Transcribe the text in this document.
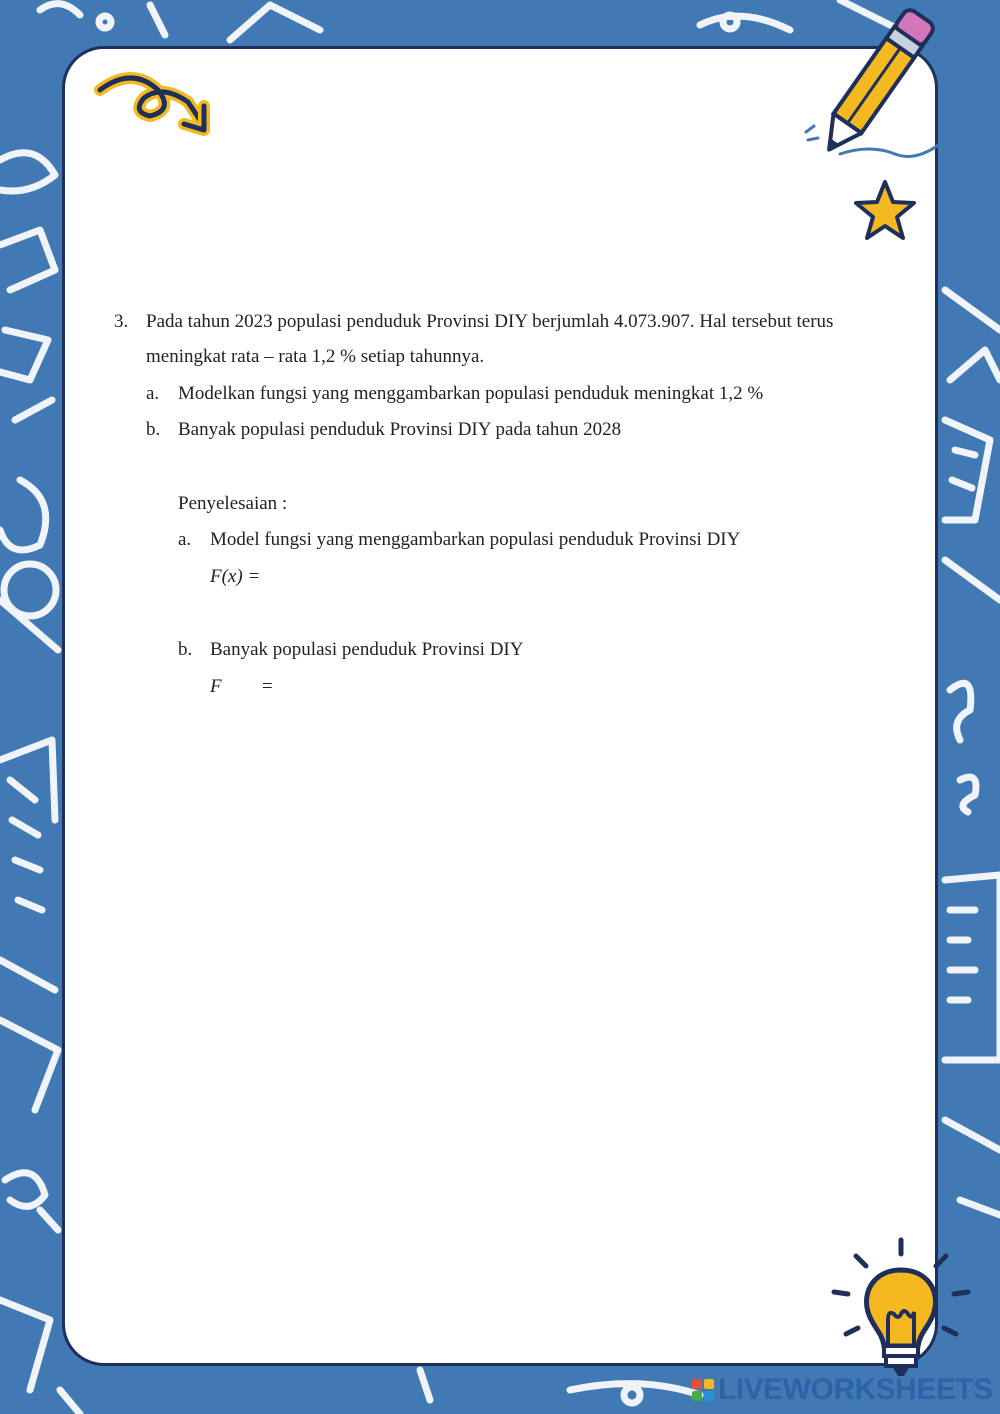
3. Pada tahun 2023 populasi penduduk Provinsi DIY berjumlah 4.073.907. Hal tersebut terus
meningkat rata – rata 1,2 % setiap tahunnya.
a. Modelkan fungsi yang menggambarkan populasi penduduk meningkat 1,2 %
b. Banyak populasi penduduk Provinsi DIY pada tahun 2028
Penyelesaian :
a. Model fungsi yang menggambarkan populasi penduduk Provinsi DIY
F(x) =
b. Banyak populasi penduduk Provinsi DIY
F =
LIVEWORKSHEETS
